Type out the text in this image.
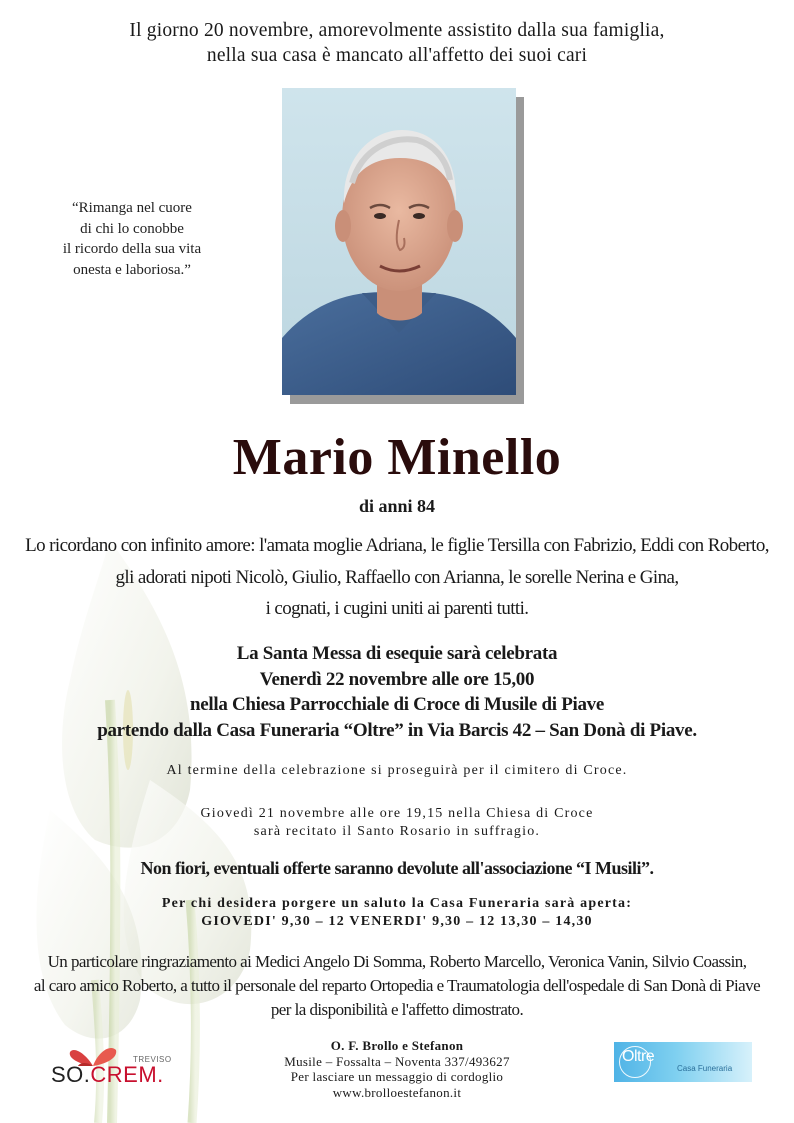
Il giorno 20 novembre, amorevolmente assistito dalla sua famiglia,
nella sua casa è mancato all'affetto dei suoi cari
“Rimanga nel cuore
di chi lo conobbe
il ricordo della sua vita
onesta e laboriosa.”
Mario Minello
di anni 84
Lo ricordano con infinito amore: l'amata moglie Adriana, le figlie Tersilla con Fabrizio, Eddi con Roberto,
gli adorati nipoti Nicolò, Giulio, Raffaello con Arianna, le sorelle Nerina e Gina,
i cognati, i cugini uniti ai parenti tutti.
La Santa Messa di esequie sarà celebrata
Venerdì 22 novembre alle ore 15,00
nella Chiesa Parrocchiale di Croce di Musile di Piave
partendo dalla Casa Funeraria “Oltre” in Via Barcis 42 – San Donà di Piave.
Al termine della celebrazione si proseguirà per il cimitero di Croce.
Giovedì 21 novembre alle ore 19,15 nella Chiesa di Croce
sarà recitato il Santo Rosario in suffragio.
Non fiori, eventuali offerte saranno devolute all'associazione “I Musili”.
Per chi desidera porgere un saluto la Casa Funeraria sarà aperta:
GIOVEDI' 9,30 – 12 VENERDI' 9,30 – 12 13,30 – 14,30
Un particolare ringraziamento ai Medici Angelo Di Somma, Roberto Marcello, Veronica Vanin, Silvio Coassin,
al caro amico Roberto, a tutto il personale del reparto Ortopedia e Traumatologia dell'ospedale di San Donà di Piave
per la disponibilità e l'affetto dimostrato.
O. F. Brollo e Stefanon
Musile – Fossalta – Noventa 337/493627
Per lasciare un messaggio di cordoglio
www.brolloestefanon.it
TREVISO
SO.CREM.
Oltre
Casa Funeraria
